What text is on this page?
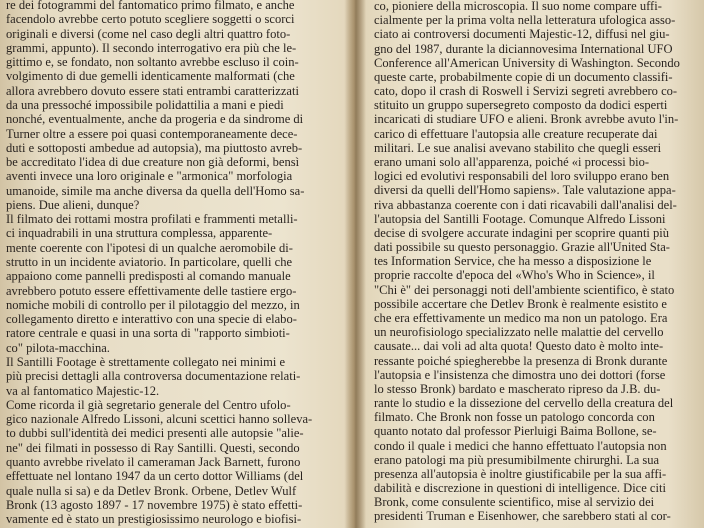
re dei fotogrammi del fantomatico primo filmato, e anche
facendolo avrebbe certo potuto scegliere soggetti o scorci
originali e diversi (come nel caso degli altri quattro foto-
grammi, appunto). Il secondo interrogativo era più che le-
gittimo e, se fondato, non soltanto avrebbe escluso il coin-
volgimento di due gemelli identicamente malformati (che
allora avrebbero dovuto essere stati entrambi caratterizzati
da una pressoché impossibile polidattilia a mani e piedi
nonché, eventualmente, anche da progeria e da sindrome di
Turner oltre a essere poi quasi contemporaneamente dece-
duti e sottoposti ambedue ad autopsia), ma piuttosto avreb-
be accreditato l'idea di due creature non già deformi, bensì
aventi invece una loro originale e "armonica" morfologia
umanoide, simile ma anche diversa da quella dell'Homo sa-
piens. Due alieni, dunque?
Il filmato dei rottami mostra profilati e frammenti metalli-
ci inquadrabili in una struttura complessa, apparente-
mente coerente con l'ipotesi di un qualche aeromobile di-
strutto in un incidente aviatorio. In particolare, quelli che
appaiono come pannelli predisposti al comando manuale
avrebbero potuto essere effettivamente delle tastiere ergo-
nomiche mobili di controllo per il pilotaggio del mezzo, in
collegamento diretto e interattivo con una specie di elabo-
ratore centrale e quasi in una sorta di "rapporto simbioti-
co" pilota-macchina.
Il Santilli Footage è strettamente collegato nei minimi e
più precisi dettagli alla controversa documentazione relati-
va al fantomatico Majestic-12.
Come ricorda il già segretario generale del Centro ufolo-
gico nazionale Alfredo Lissoni, alcuni scettici hanno solleva-
to dubbi sull'identità dei medici presenti alle autopsie "alie-
ne" dei filmati in possesso di Ray Santilli. Questi, secondo
quanto avrebbe rivelato il cameraman Jack Barnett, furono
effettuate nel lontano 1947 da un certo dottor Williams (del
quale nulla si sa) e da Detlev Bronk. Orbene, Detlev Wulf
Bronk (13 agosto 1897 - 17 novembre 1975) è stato effetti-
vamente ed è stato un prestigiosissimo neurologo e biofisi-
co, pioniere della microscopia. Il suo nome compare uffi-
cialmente per la prima volta nella letteratura ufologica asso-
ciato ai controversi documenti Majestic-12, diffusi nel giu-
gno del 1987, durante la diciannovesima International UFO
Conference all'American University di Washington. Secondo
queste carte, probabilmente copie di un documento classifi-
cato, dopo il crash di Roswell i Servizi segreti avrebbero co-
stituito un gruppo supersegreto composto da dodici esperti
incaricati di studiare UFO e alieni. Bronk avrebbe avuto l'in-
carico di effettuare l'autopsia alle creature recuperate dai
militari. Le sue analisi avevano stabilito che quegli esseri
erano umani solo all'apparenza, poiché «i processi bio-
logici ed evolutivi responsabili del loro sviluppo erano ben
diversi da quelli dell'Homo sapiens». Tale valutazione appa-
riva abbastanza coerente con i dati ricavabili dall'analisi del-
l'autopsia del Santilli Footage. Comunque Alfredo Lissoni
decise di svolgere accurate indagini per scoprire quanti più
dati possibile su questo personaggio. Grazie all'United Sta-
tes Information Service, che ha messo a disposizione le
proprie raccolte d'epoca del «Who's Who in Science», il
"Chi è" dei personaggi noti dell'ambiente scientifico, è stato
possibile accertare che Detlev Bronk è realmente esistito e
che era effettivamente un medico ma non un patologo. Era
un neurofisiologo specializzato nelle malattie del cervello
causate... dai voli ad alta quota! Questo dato è molto inte-
ressante poiché spiegherebbe la presenza di Bronk durante
l'autopsia e l'insistenza che dimostra uno dei dottori (forse
lo stesso Bronk) bardato e mascherato ripreso da J.B. du-
rante lo studio e la dissezione del cervello della creatura del
filmato. Che Bronk non fosse un patologo concorda con
quanto notato dal professor Pierluigi Baima Bollone, se-
condo il quale i medici che hanno effettuato l'autopsia non
erano patologi ma più presumibilmente chirurghi. La sua
presenza all'autopsia è inoltre giustificabile per la sua affi-
dabilità e discrezione in questioni di intelligence. Dice citi
Bronk, come consulente scientifico, mise al servizio dei
presidenti Truman e Eisenhower, che sarebbero stati al cor-
